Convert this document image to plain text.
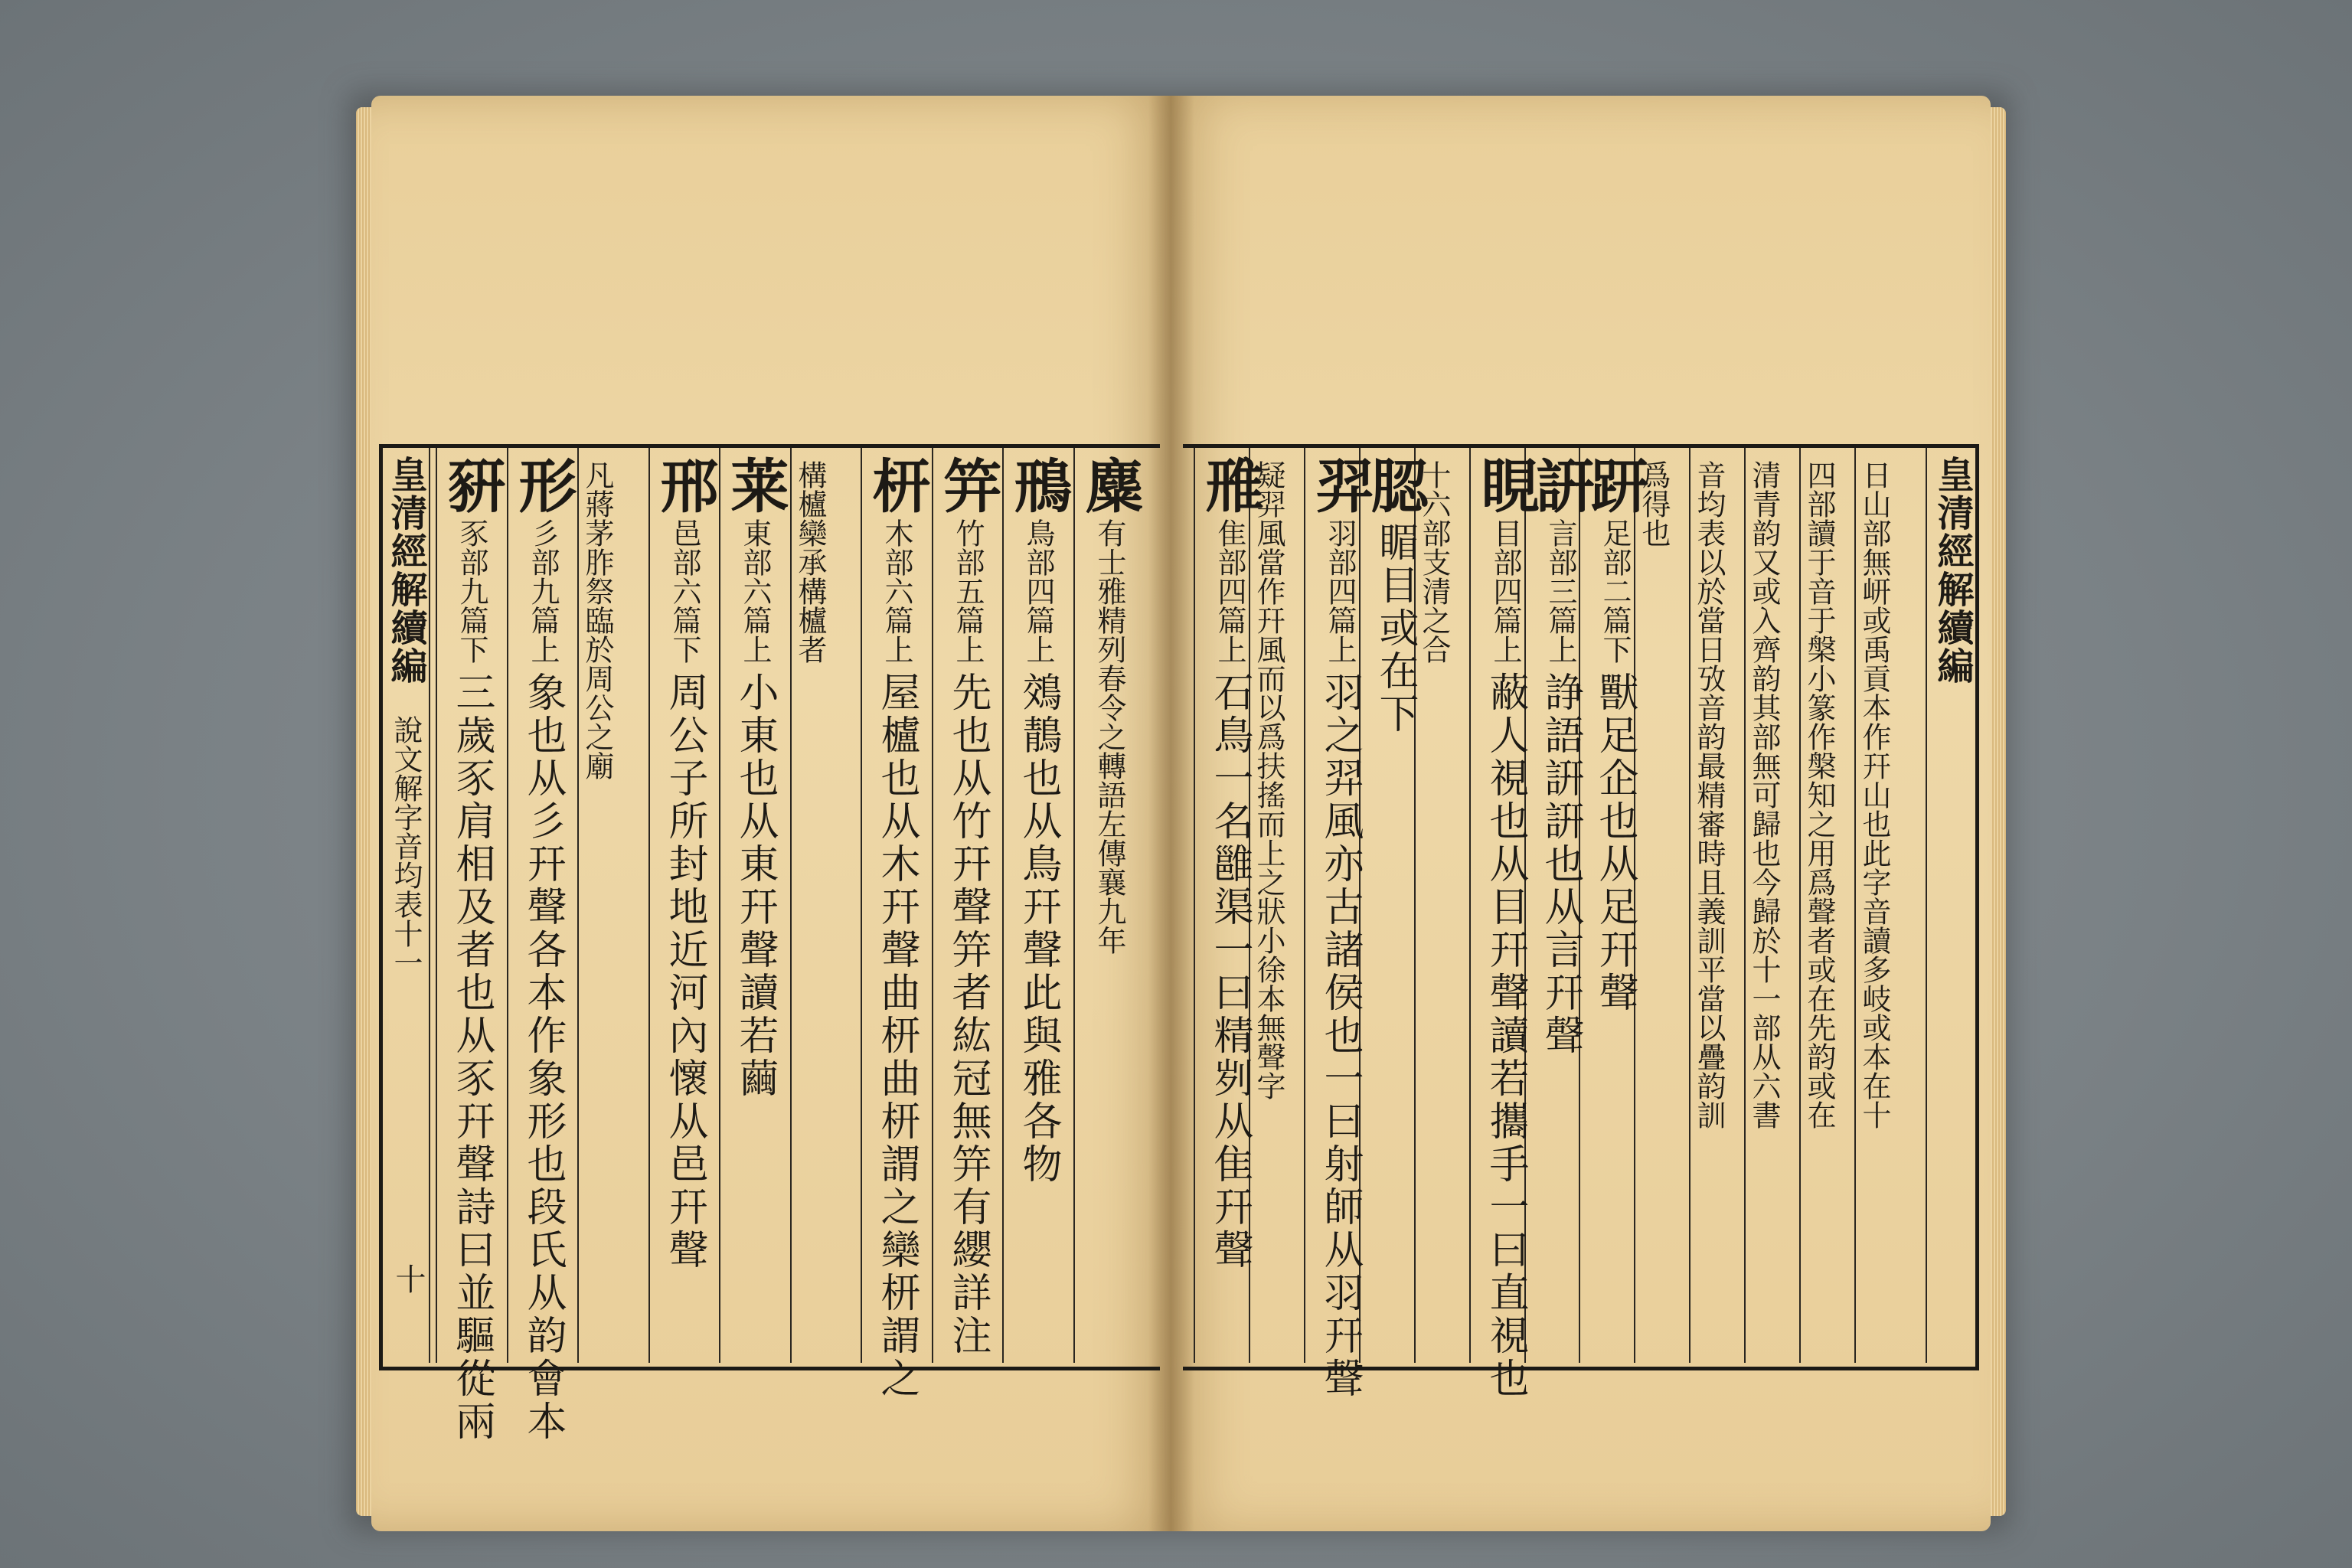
皇清經解續編 說文解字音均表十一
十
麋有士雅精列春令之轉語左傳襄九年
鳽鳥部四篇上鵁鶄也从鳥幵聲此與雅各物
笄竹部五篇上先也从竹幵聲笄者紘冠無笄有纓詳注
枅木部六篇上屋櫨也从木幵聲曲枅曲枅謂之欒枅謂之
構櫨欒承構櫨者
莱東部六篇上小東也从東幵聲讀若繭
邢邑部六篇下周公子所封地近河內懷从邑幵聲
凡蔣茅胙祭臨於周公之廟
形彡部九篇上象也从彡幵聲各本作象形也段氏从韵會本
豣豕部九篇下三歲豕肩相及者也从豕幵聲詩曰並驅從兩	日山部無岍或禹貢本作幵山也此字音讀多岐或本在十
四部讀于音于槃小篆作槃知之用爲聲者或在先韵或在
清青韵又或入齊韵其部無可歸也今歸於十一部从六書
音均表以於當日攷音韵最精審時且義訓平當以疊韵訓
爲得也
趼足部二篇下獸足企也从足幵聲
詽言部三篇上諍語詽詽也从言幵聲
睍目部四篇上蔽人視也从目幵聲讀若攜手一曰直視也
十六部支清之合
䏰睸目或在下
羿羽部四篇上羽之羿風亦古諸侯也一曰射師从羽幵聲
疑羿風當作幵風而以爲扶搖而上之狀小徐本無聲字
雃隹部四篇上石鳥一名雝渠一曰精刿从隹幵聲
皇清經解續編
